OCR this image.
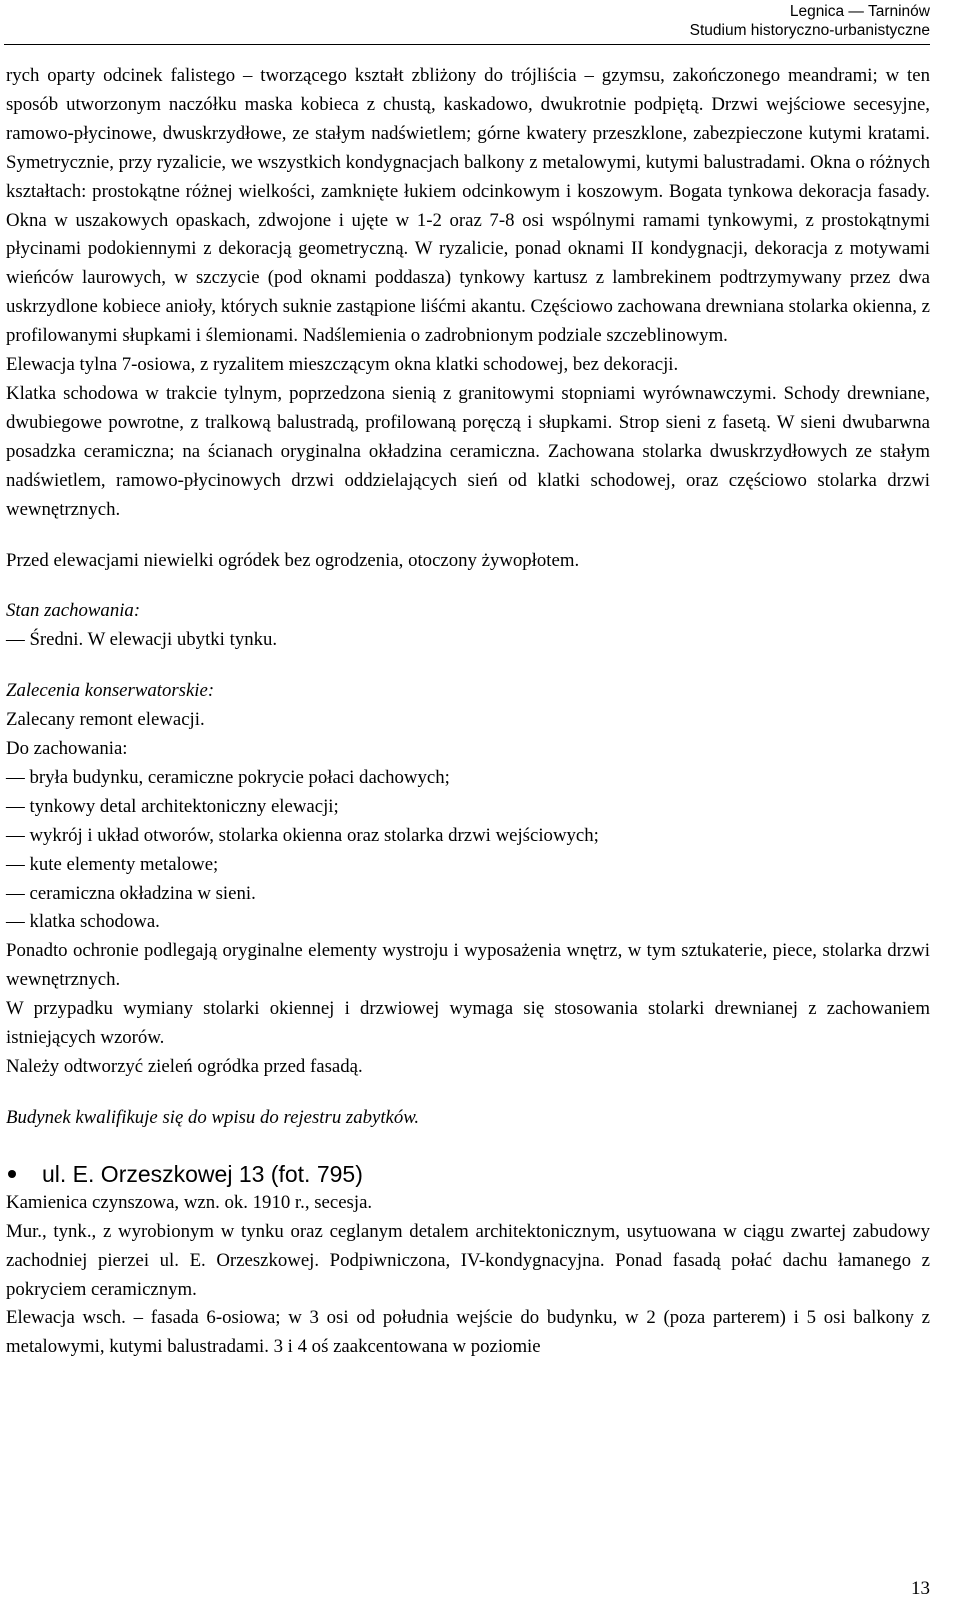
Legnica — Tarninów
Studium historyczno-urbanistyczne

rych oparty odcinek falistego – tworzącego kształt zbliżony do trójliścia – gzymsu, zakończonego meandrami; w ten sposób utworzonym naczółku maska kobieca z chustą, kaskadowo, dwukrotnie podpiętą. Drzwi wejściowe secesyjne, ramowo-płycinowe, dwuskrzydłowe, ze stałym nadświetlem; górne kwatery przeszklone, zabezpieczone kutymi kratami. Symetrycznie, przy ryzalicie, we wszystkich kondygnacjach balkony z metalowymi, kutymi balustradami. Okna o różnych kształtach: prostokątne różnej wielkości, zamknięte łukiem odcinkowym i koszowym. Bogata tynkowa dekoracja fasady. Okna w uszakowych opaskach, zdwojone i ujęte w 1-2 oraz 7-8 osi wspólnymi ramami tynkowymi, z prostokątnymi płycinami podokiennymi z dekoracją geometryczną. W ryzalicie, ponad oknami II kondygnacji, dekoracja z motywami wieńców laurowych, w szczycie (pod oknami poddasza) tynkowy kartusz z lambrekinem podtrzymywany przez dwa uskrzydlone kobiece anioły, których suknie zastąpione liśćmi akantu. Częściowo zachowana drewniana stolarka okienna, z profilowanymi słupkami i ślemionami. Nadślemienia o zadrobnionym podziale szczeblinowym.

Elewacja tylna 7-osiowa, z ryzalitem mieszczącym okna klatki schodowej, bez dekoracji.

Klatka schodowa w trakcie tylnym, poprzedzona sienią z granitowymi stopniami wyrównawczymi. Schody drewniane, dwubiegowe powrotne, z tralkową balustradą, profilowaną poręczą i słupkami. Strop sieni z fasetą. W sieni dwubarwna posadzka ceramiczna; na ścianach oryginalna okładzina ceramiczna. Zachowana stolarka dwuskrzydłowych ze stałym nadświetlem, ramowo-płycinowych drzwi oddzielających sień od klatki schodowej, oraz częściowo stolarka drzwi wewnętrznych.

Przed elewacjami niewielki ogródek bez ogrodzenia, otoczony żywopłotem.

Stan zachowania:

— Średni. W elewacji ubytki tynku.

Zalecenia konserwatorskie:

Zalecany remont elewacji.

Do zachowania:

— bryła budynku, ceramiczne pokrycie połaci dachowych;

— tynkowy detal architektoniczny elewacji;

— wykrój i układ otworów, stolarka okienna oraz stolarka drzwi wejściowych;

— kute elementy metalowe;

— ceramiczna okładzina w sieni.

— klatka schodowa.

Ponadto ochronie podlegają oryginalne elementy wystroju i wyposażenia wnętrz, w tym sztukaterie, piece, stolarka drzwi wewnętrznych.

W przypadku wymiany stolarki okiennej i drzwiowej wymaga się stosowania stolarki drewnianej z zachowaniem istniejących wzorów.

Należy odtworzyć zieleń ogródka przed fasadą.

Budynek kwalifikuje się do wpisu do rejestru zabytków.

ul. E. Orzeszkowej 13 (fot. 795)

Kamienica czynszowa, wzn. ok. 1910 r., secesja.

Mur., tynk., z wyrobionym w tynku oraz ceglanym detalem architektonicznym, usytuowana w ciągu zwartej zabudowy zachodniej pierzei ul. E. Orzeszkowej. Podpiwniczona, IV-kondygnacyjna. Ponad fasadą połać dachu łamanego z pokryciem ceramicznym.

Elewacja wsch. – fasada 6-osiowa; w 3 osi od południa wejście do budynku, w 2 (poza parterem) i 5 osi balkony z metalowymi, kutymi balustradami. 3 i 4 oś zaakcentowana w poziomie

13
